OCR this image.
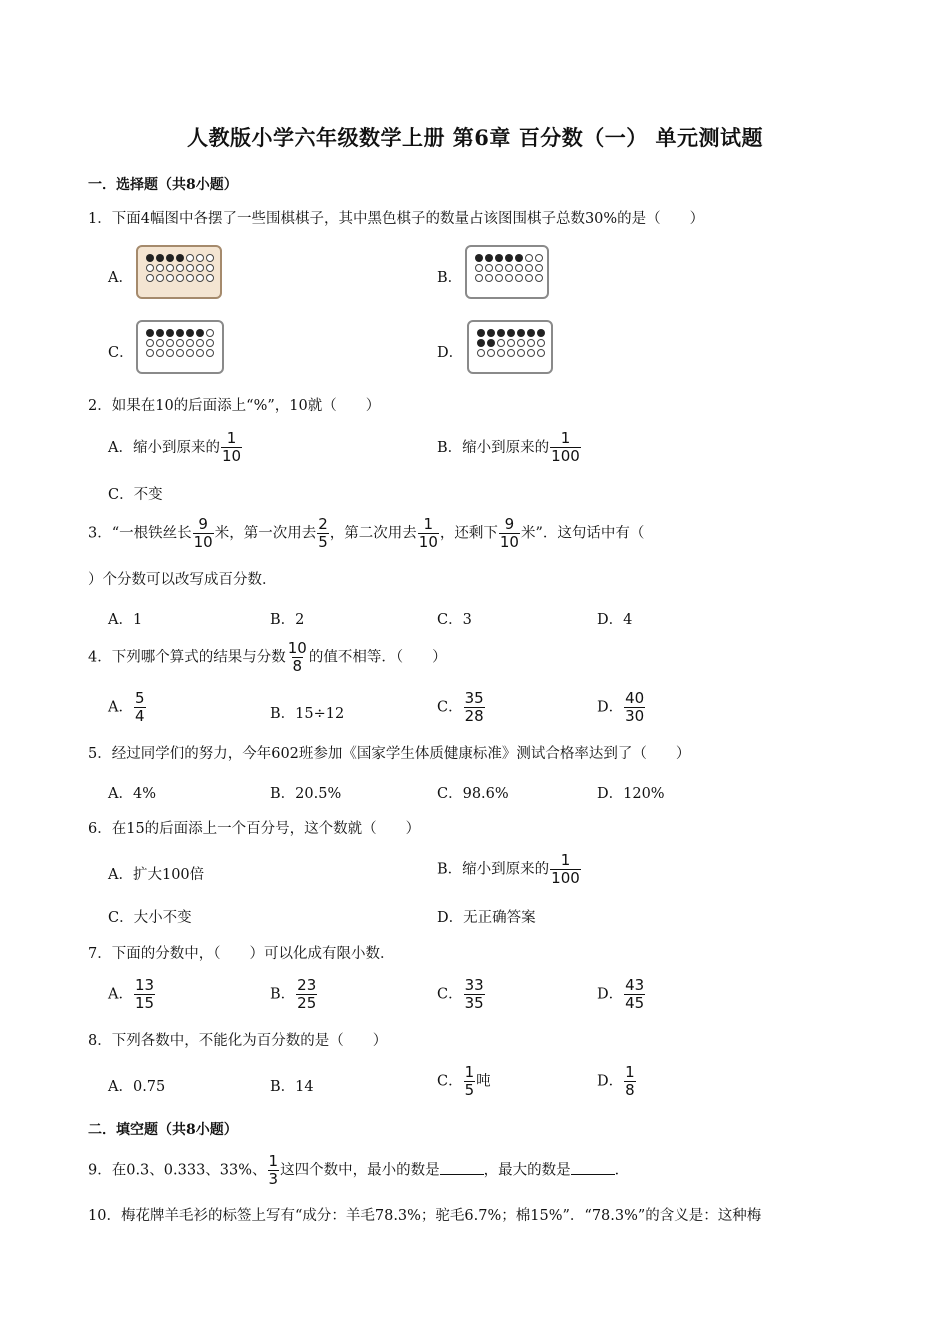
人教版小学六年级数学上册 第6章 百分数（一） 单元测试题
一．选择题（共8小题）
1．下面4幅图中各摆了一些围棋棋子，其中黑色棋子的数量占该图围棋子总数30%的是（　　）
A．	B．
C．	D．
2．如果在10的后面添上“%”，10就（　　）
A．缩小到原来的 $\frac{1}{10}$	B．缩小到原来的 $\frac{1}{100}$
C．不变
3．“一根铁丝长 $\frac{9}{10}$ 米，第一次用去 $\frac{2}{5}$ ，第二次用去 $\frac{1}{10}$ ，还剩下 $\frac{9}{10}$ 米”．这句话中有（
）个分数可以改写成百分数．
A．1	B．2	C．3	D．4
4．下列哪个算式的结果与分数 $\frac{10}{8}$ 的值不相等．（　　）
A． $\frac{5}{4}$	B．15÷12	C． $\frac{35}{28}$	D． $\frac{40}{30}$
5．经过同学们的努力，今年602班参加《国家学生体质健康标准》测试合格率达到了（　　）
A．4%	B．20.5%	C．98.6%	D．120%
6．在15的后面添上一个百分号，这个数就（　　）
A．扩大100倍	B．缩小到原来的 $\frac{1}{100}$
C．大小不变	D．无正确答案
7．下面的分数中，（　　）可以化成有限小数．
A． $\frac{13}{15}$	B． $\frac{23}{25}$	C． $\frac{33}{35}$	D． $\frac{43}{45}$
8．下列各数中，不能化为百分数的是（　　）
A．0.75	B．14	C． $\frac{1}{5}$ 吨	D． $\frac{1}{8}$
二．填空题（共8小题）
9．在0.3、0.333、33%、 $\frac{1}{3}$ 这四个数中，最小的数是	，最大的数是	．
10．梅花牌羊毛衫的标签上写有“成分：羊毛78.3%；驼毛6.7%；棉15%”．“78.3%”的含义是：这种梅
